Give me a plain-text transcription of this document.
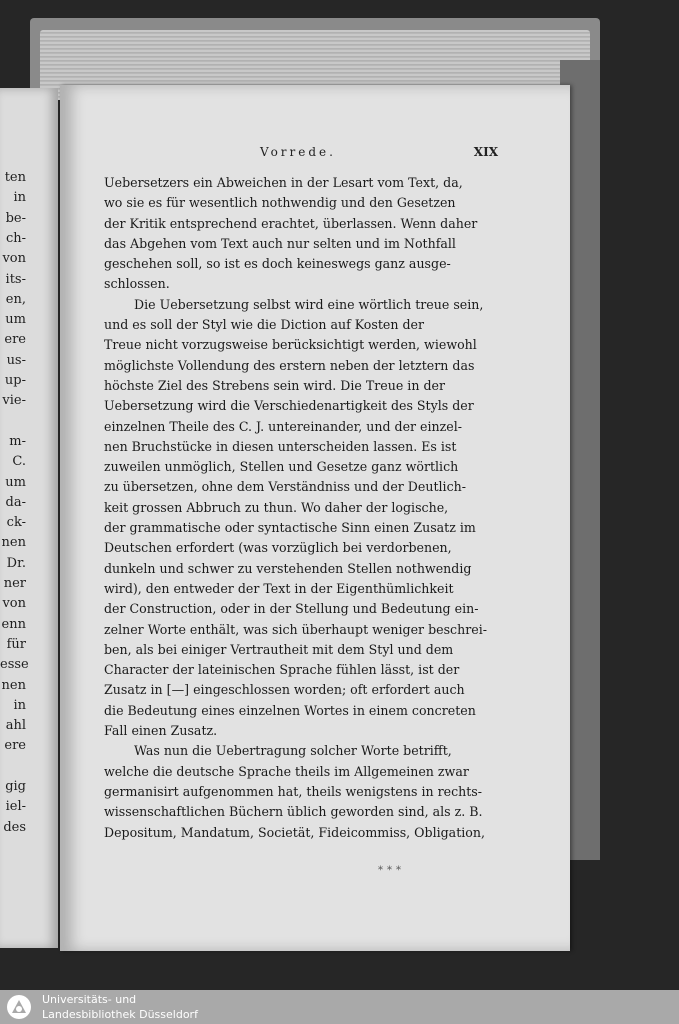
ten
in
be-
ch-
von
its-
en,
um
ere
us-
up-
vie-
m-
C.
um
da-
ck-
nen
Dr.
ner
von
enn
für
esse
nen
in
ahl
ere
gig
iel-
des
Vorrede.	XIX
Uebersetzers ein Abweichen in der Lesart vom Text, da,
wo sie es für wesentlich nothwendig und den Gesetzen
der Kritik entsprechend erachtet, überlassen. Wenn daher
das Abgehen vom Text auch nur selten und im Nothfall
geschehen soll, so ist es doch keineswegs ganz ausge-
schlossen.
Die Uebersetzung selbst wird eine wörtlich treue sein,
und es soll der Styl wie die Diction auf Kosten der
Treue nicht vorzugsweise berücksichtigt werden, wiewohl
möglichste Vollendung des erstern neben der letztern das
höchste Ziel des Strebens sein wird. Die Treue in der
Uebersetzung wird die Verschiedenartigkeit des Styls der
einzelnen Theile des C. J. untereinander, und der einzel-
nen Bruchstücke in diesen unterscheiden lassen. Es ist
zuweilen unmöglich, Stellen und Gesetze ganz wörtlich
zu übersetzen, ohne dem Verständniss und der Deutlich-
keit grossen Abbruch zu thun. Wo daher der logische,
der grammatische oder syntactische Sinn einen Zusatz im
Deutschen erfordert (was vorzüglich bei verdorbenen,
dunkeln und schwer zu verstehenden Stellen nothwendig
wird), den entweder der Text in der Eigenthümlichkeit
der Construction, oder in der Stellung und Bedeutung ein-
zelner Worte enthält, was sich überhaupt weniger beschrei-
ben, als bei einiger Vertrautheit mit dem Styl und dem
Character der lateinischen Sprache fühlen lässt, ist der
Zusatz in [—] eingeschlossen worden; oft erfordert auch
die Bedeutung eines einzelnen Wortes in einem concreten
Fall einen Zusatz.
Was nun die Uebertragung solcher Worte betrifft,
welche die deutsche Sprache theils im Allgemeinen zwar
germanisirt aufgenommen hat, theils wenigstens in rechts-
wissenschaftlichen Büchern üblich geworden sind, als z. B.
Depositum, Mandatum, Societät, Fideicommiss, Obligation,
***
Universitäts- und
Landesbibliothek Düsseldorf
